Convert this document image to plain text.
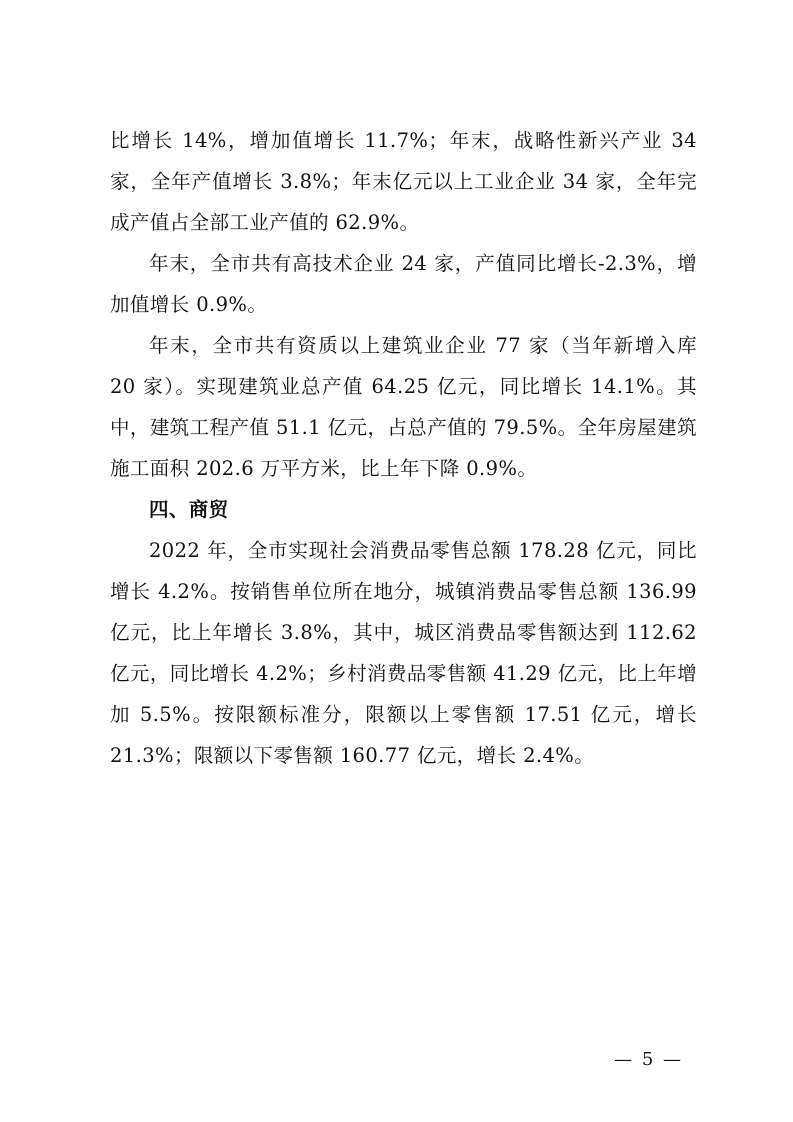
比增长 14%，增加值增长 11.7%；年末，战略性新兴产业 34 家，全年产值增长 3.8%；年末亿元以上工业企业 34 家，全年完成产值占全部工业产值的 62.9%。

年末，全市共有高技术企业 24 家，产值同比增长-2.3%，增加值增长 0.9%。

年末，全市共有资质以上建筑业企业 77 家（当年新增入库 20 家）。实现建筑业总产值 64.25 亿元，同比增长 14.1%。其中，建筑工程产值 51.1 亿元，占总产值的 79.5%。全年房屋建筑施工面积 202.6 万平方米，比上年下降 0.9%。

四、商贸

2022 年，全市实现社会消费品零售总额 178.28 亿元，同比增长 4.2%。按销售单位所在地分，城镇消费品零售总额 136.99 亿元，比上年增长 3.8%，其中，城区消费品零售额达到 112.62 亿元，同比增长 4.2%；乡村消费品零售额 41.29 亿元，比上年增加 5.5%。按限额标准分，限额以上零售额 17.51 亿元，增长 21.3%；限额以下零售额 160.77 亿元，增长 2.4%。

— 5 —
